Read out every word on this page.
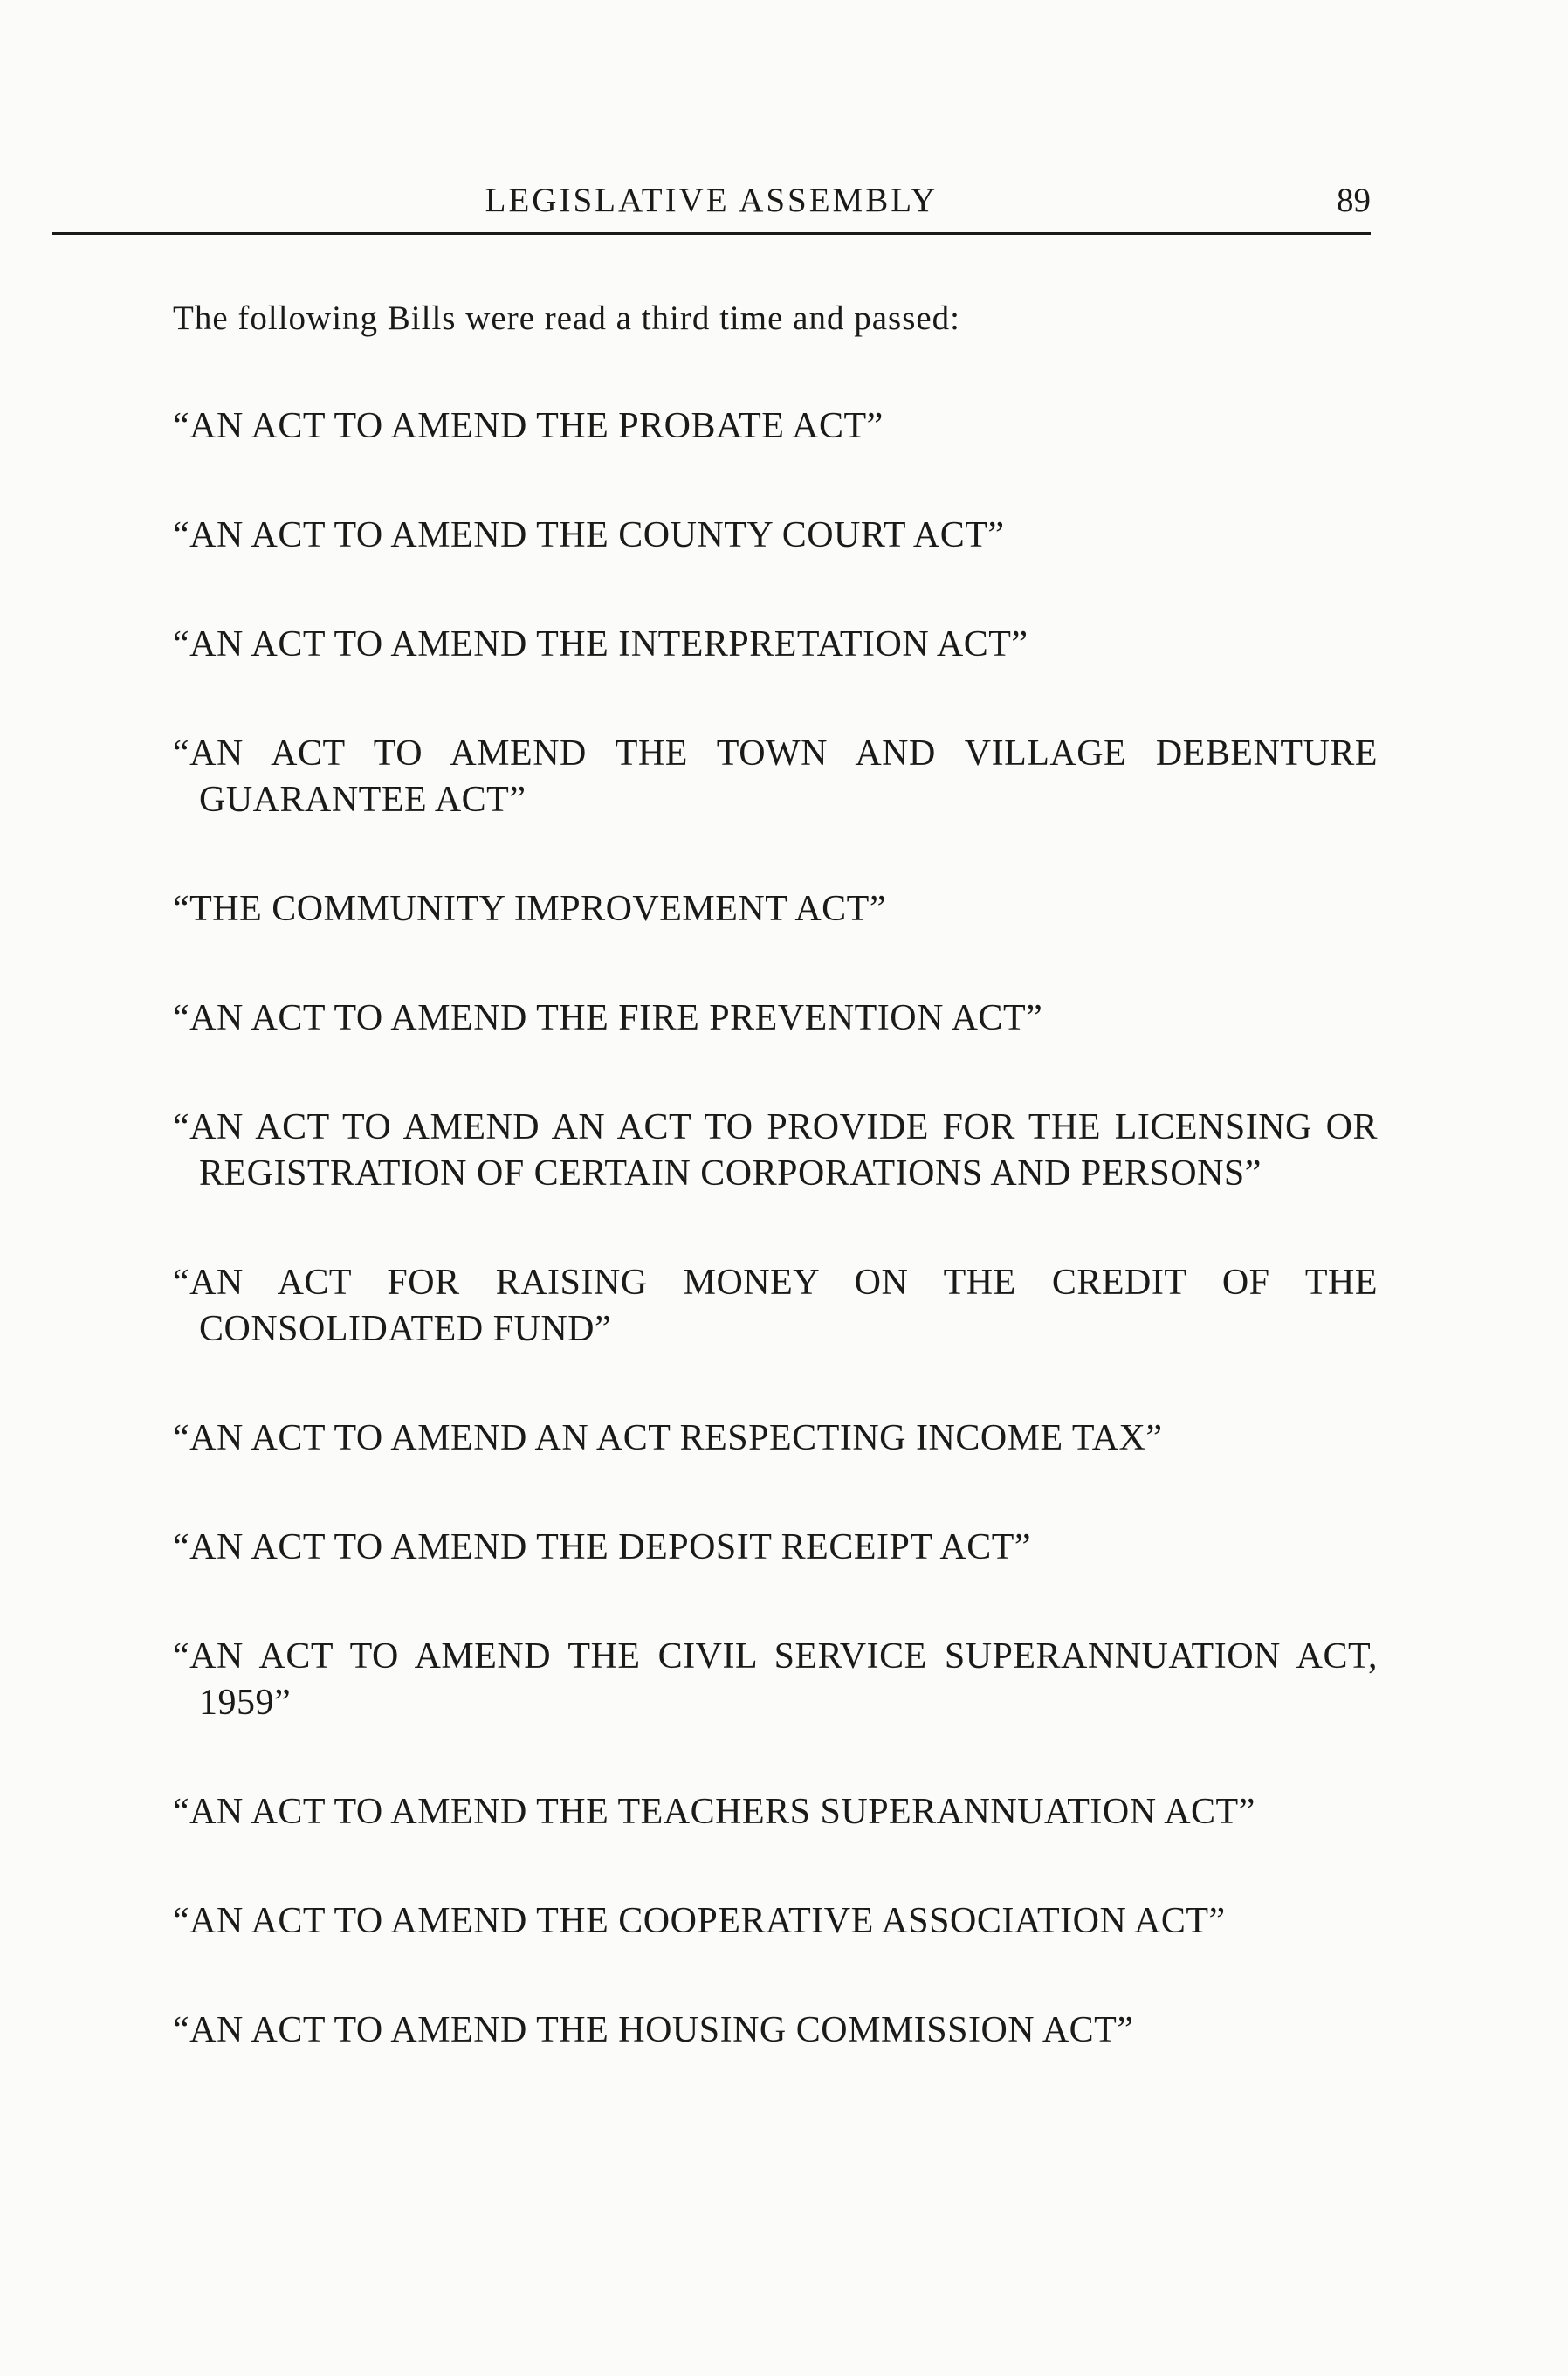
LEGISLATIVE ASSEMBLY	89

The following Bills were read a third time and passed:

“AN ACT TO AMEND THE PROBATE ACT”
“AN ACT TO AMEND THE COUNTY COURT ACT”
“AN ACT TO AMEND THE INTERPRETATION ACT”
“AN ACT TO AMEND THE TOWN AND VILLAGE DEBENTURE GUARANTEE ACT”
“THE COMMUNITY IMPROVEMENT ACT”
“AN ACT TO AMEND THE FIRE PREVENTION ACT”
“AN ACT TO AMEND AN ACT TO PROVIDE FOR THE LICENSING OR REGISTRATION OF CERTAIN CORPORATIONS AND PERSONS”
“AN ACT FOR RAISING MONEY ON THE CREDIT OF THE CONSOLIDATED FUND”
“AN ACT TO AMEND AN ACT RESPECTING INCOME TAX”
“AN ACT TO AMEND THE DEPOSIT RECEIPT ACT”
“AN ACT TO AMEND THE CIVIL SERVICE SUPERANNUATION ACT, 1959”
“AN ACT TO AMEND THE TEACHERS SUPERANNUATION ACT”
“AN ACT TO AMEND THE COOPERATIVE ASSOCIATION ACT”
“AN ACT TO AMEND THE HOUSING COMMISSION ACT”
